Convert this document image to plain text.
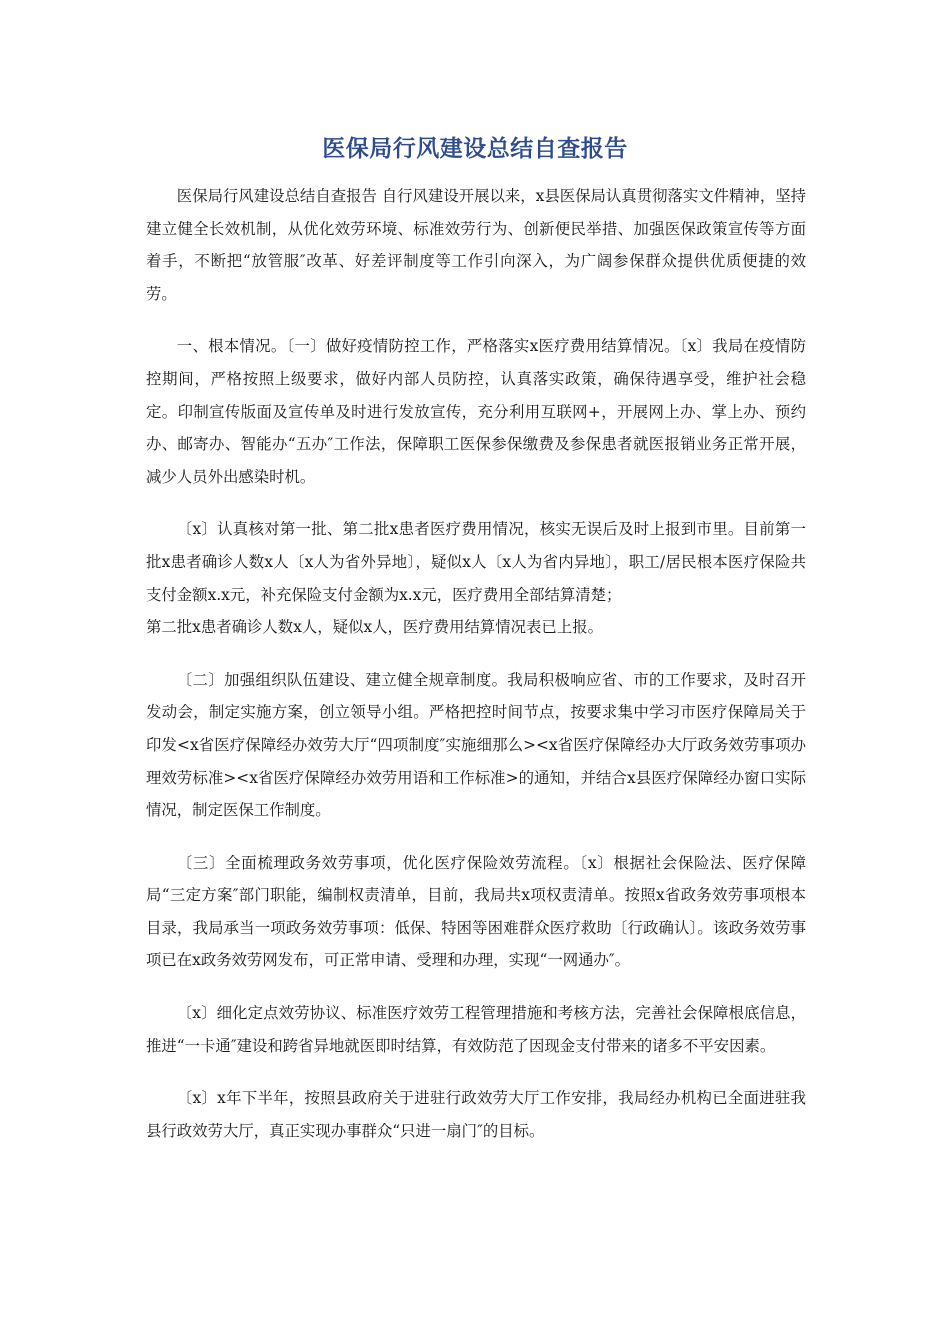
医保局行风建设总结自查报告

医保局行风建设总结自查报告 自行风建设开展以来，x县医保局认真贯彻落实文件精神，坚持建立健全长效机制，从优化效劳环境、标准效劳行为、创新便民举措、加强医保政策宣传等方面着手，不断把“放管服″改革、好差评制度等工作引向深入，为广阔参保群众提供优质便捷的效劳。

一、根本情况。〔一〕做好疫情防控工作，严格落实x医疗费用结算情况。〔x〕我局在疫情防控期间，严格按照上级要求，做好内部人员防控，认真落实政策，确保待遇享受，维护社会稳定。印制宣传版面及宣传单及时进行发放宣传，充分利用互联网+，开展网上办、掌上办、预约办、邮寄办、智能办“五办″工作法，保障职工医保参保缴费及参保患者就医报销业务正常开展，减少人员外出感染时机。

〔x〕认真核对第一批、第二批x患者医疗费用情况，核实无误后及时上报到市里。目前第一批x患者确诊人数x人〔x人为省外异地〕，疑似x人〔x人为省内异地〕，职工/居民根本医疗保险共支付金额x.x元，补充保险支付金额为x.x元，医疗费用全部结算清楚；

第二批x患者确诊人数x人，疑似x人，医疗费用结算情况表已上报。

〔二〕加强组织队伍建设、建立健全规章制度。我局积极响应省、市的工作要求，及时召开发动会，制定实施方案，创立领导小组。严格把控时间节点，按要求集中学习市医疗保障局关于印发<x省医疗保障经办效劳大厅“四项制度″实施细那么><x省医疗保障经办大厅政务效劳事项办理效劳标准><x省医疗保障经办效劳用语和工作标准>的通知，并结合x县医疗保障经办窗口实际情况，制定医保工作制度。

〔三〕全面梳理政务效劳事项，优化医疗保险效劳流程。〔x〕根据社会保险法、医疗保障局“三定方案″部门职能，编制权责清单，目前，我局共x项权责清单。按照x省政务效劳事项根本目录，我局承当一项政务效劳事项：低保、特困等困难群众医疗救助〔行政确认〕。该政务效劳事项已在x政务效劳网发布，可正常申请、受理和办理，实现“一网通办″。

〔x〕细化定点效劳协议、标准医疗效劳工程管理措施和考核方法，完善社会保障根底信息，推进“一卡通″建设和跨省异地就医即时结算，有效防范了因现金支付带来的诸多不平安因素。

〔x〕x年下半年，按照县政府关于进驻行政效劳大厅工作安排，我局经办机构已全面进驻我县行政效劳大厅，真正实现办事群众“只进一扇门″的目标。
